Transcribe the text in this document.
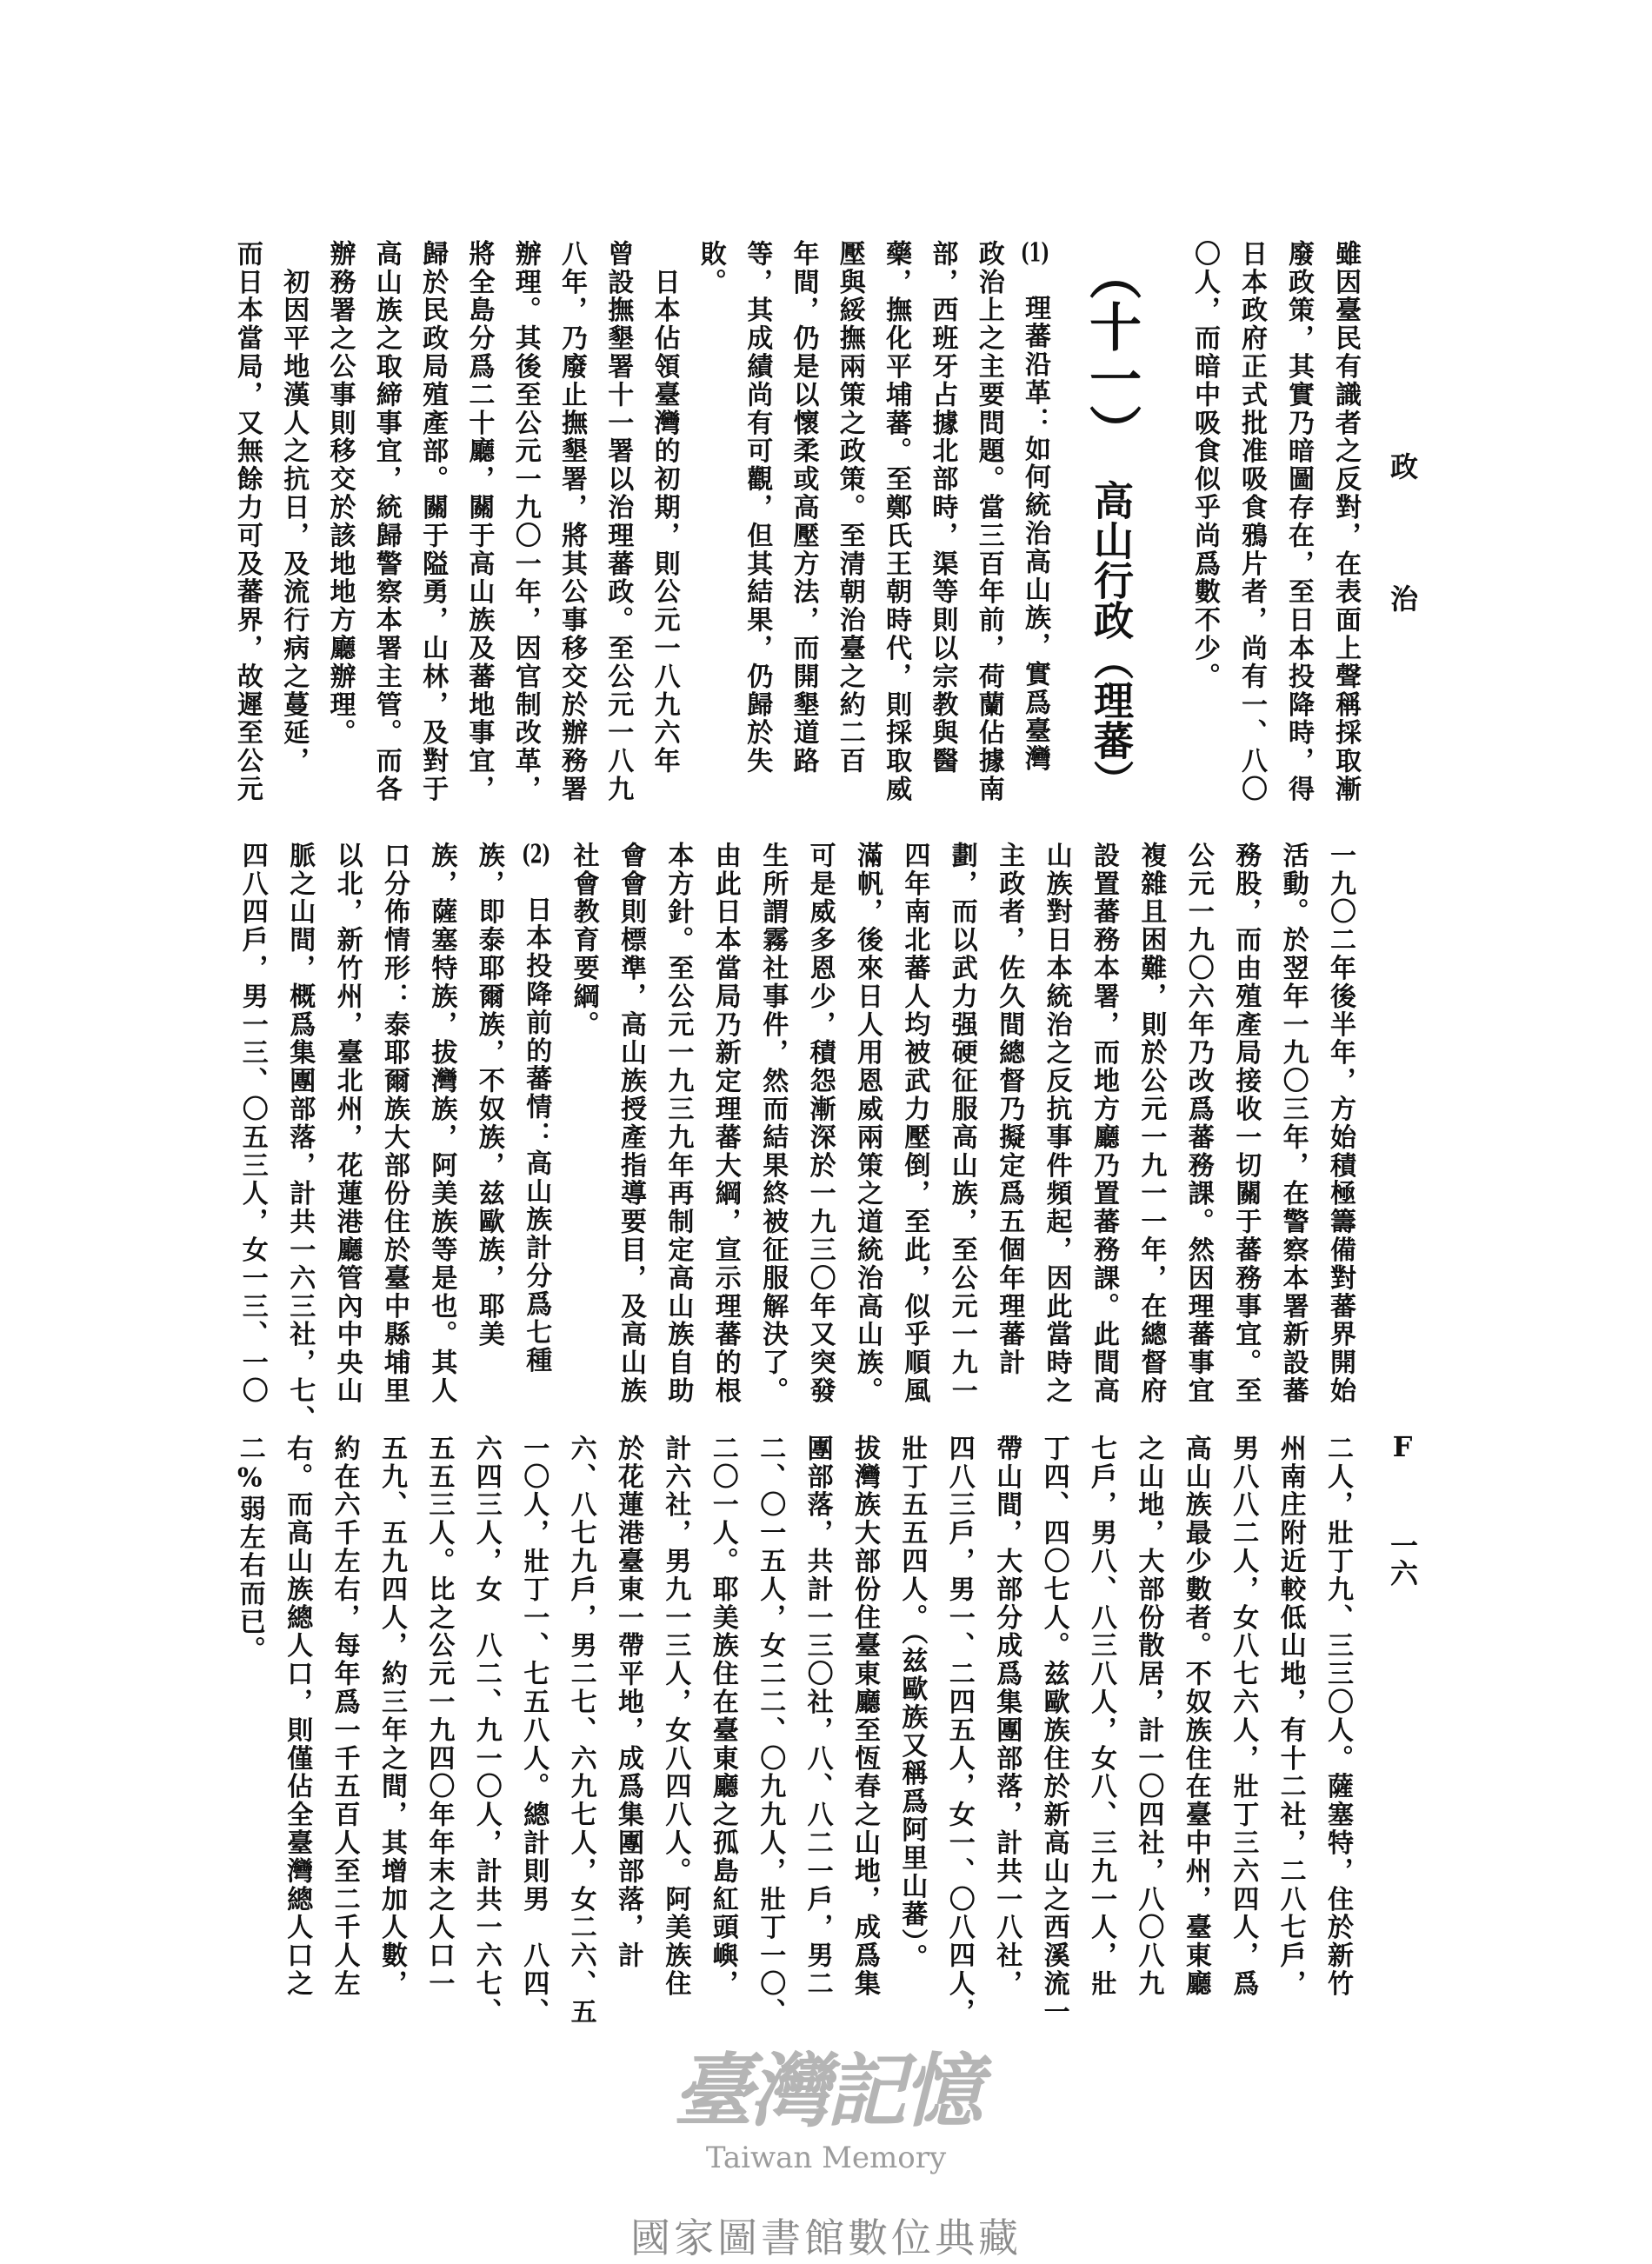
政治
F 一六
（十一） 高山行政（理蕃）	雖因臺民有識者之反對，在表面上聲稱採取漸
廢政策，其實乃暗圖存在，至日本投降時，得
日本政府正式批准吸食鴉片者，尚有一、八〇
〇人，而暗中吸食似乎尚爲數不少。
(1)　理蕃沿革：如何統治高山族，實爲臺灣
政治上之主要問題。當三百年前，荷蘭佔據南
部，西班牙占據北部時，渠等則以宗教與醫
藥，撫化平埔蕃。至鄭氏王朝時代，則採取威
壓與綏撫兩策之政策。至清朝治臺之約二百
年間，仍是以懷柔或高壓方法，而開墾道路
等，其成績尚有可觀，但其結果，仍歸於失
敗。
　日本佔領臺灣的初期，則公元一八九六年
曾設撫墾署十一署以治理蕃政。至公元一八九
八年，乃廢止撫墾署，將其公事移交於辦務署
辦理。其後至公元一九〇一年，因官制改革，
將全島分爲二十廳，關于高山族及蕃地事宜，
歸於民政局殖產部。關于隘勇，山林，及對于
高山族之取締事宜，統歸警察本署主管。而各
辦務署之公事則移交於該地地方廳辦理。
　初因平地漢人之抗日，及流行病之蔓延，
而日本當局，又無餘力可及蕃界，故遲至公元
一九〇二年後半年，方始積極籌備對蕃界開始
活動。於翌年一九〇三年，在警察本署新設蕃
務股，而由殖產局接收一切關于蕃務事宜。至
公元一九〇六年乃改爲蕃務課。然因理蕃事宜
複雜且困難，則於公元一九一一年，在總督府
設置蕃務本署，而地方廳乃置蕃務課。此間高
山族對日本統治之反抗事件頻起，因此當時之
主政者，佐久間總督乃擬定爲五個年理蕃計
劃，而以武力强硬征服高山族，至公元一九一
四年南北蕃人均被武力壓倒，至此，似乎順風
滿帆，後來日人用恩威兩策之道統治高山族。
可是威多恩少，積怨漸深於一九三〇年又突發
生所謂霧社事件，然而結果終被征服解決了。
由此日本當局乃新定理蕃大綱，宣示理蕃的根
本方針。至公元一九三九年再制定高山族自助
會會則標準，高山族授產指導要目，及高山族
社會教育要綱。
(2)　日本投降前的蕃情：高山族計分爲七種
族，即泰耶爾族，不奴族，兹歐族，耶美
族，薩塞特族，拔灣族，阿美族等是也。其人
口分佈情形：泰耶爾族大部份住於臺中縣埔里
以北，新竹州，臺北州，花蓮港廳管內中央山
脈之山間，概爲集團部落，計共一六三社，七、
四八四戶，男一三、〇五三人，女一三、一〇
二人，壯丁九、三三〇人。薩塞特，住於新竹
州南庄附近較低山地，有十二社，二八七戶，
男八八二人，女八七六人，壯丁三六四人，爲
高山族最少數者。不奴族住在臺中州，臺東廳
之山地，大部份散居，計一〇四社，八〇八九
七戶，男八、八三八人，女八、三九一人，壯
丁四、四〇七人。兹歐族住於新高山之西溪流一
帶山間，大部分成爲集團部落，計共一八社，
四八三戶，男一、二四五人，女一、〇八四人，
壯丁五五四人。（兹歐族又稱爲阿里山蕃）。
拔灣族大部份住臺東廳至恆春之山地，成爲集
團部落，共計一三〇社，八、八二一戶，男二
二、〇一五人，女二二、〇九九人，壯丁一〇、
二〇一人。耶美族住在臺東廳之孤島紅頭嶼，
計六社，男九一三人，女八四八人。阿美族住
於花蓮港臺東一帶平地，成爲集團部落，計
六、八七九戶，男二七、六九七人，女二六、五
一〇人，壯丁一、七五八人。總計則男　八四、
六四三人，女　八二、九一〇人，計共一六七、
五五三人。比之公元一九四〇年年末之人口一
五九、五九四人，約三年之間，其增加人數，
約在六千左右，每年爲一千五百人至二千人左
右。而高山族總人口，則僅佔全臺灣總人口之
二%弱左右而已。
臺灣記憶
Taiwan Memory
國家圖書館數位典藏
